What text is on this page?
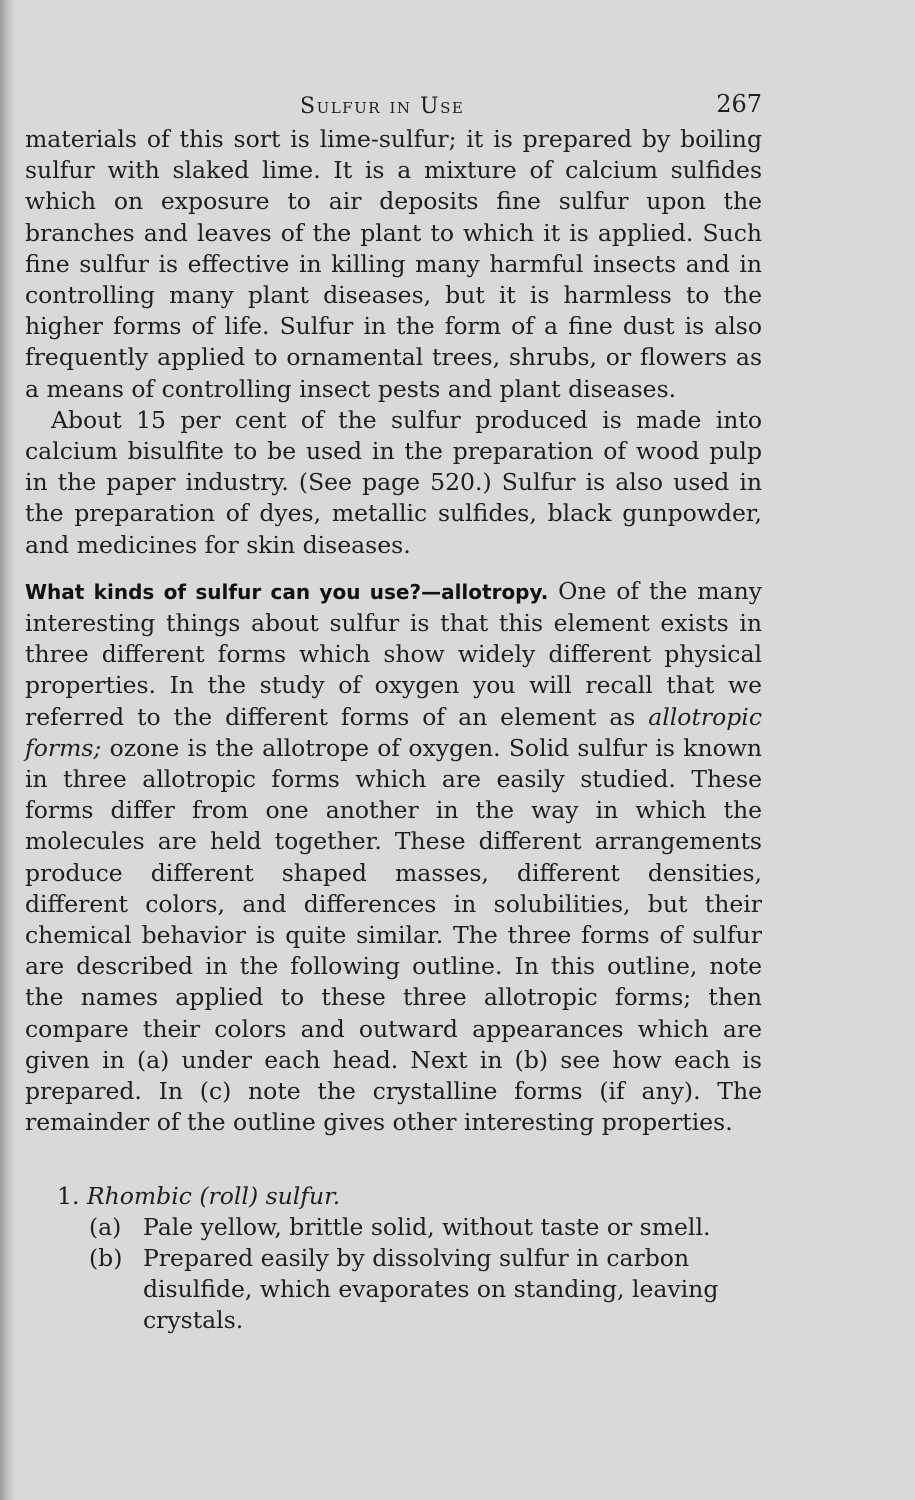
Sulfur in Use	267

materials of this sort is lime-sulfur; it is prepared by boiling sulfur with slaked lime. It is a mixture of calcium sulfides which on exposure to air deposits fine sulfur upon the branches and leaves of the plant to which it is applied. Such fine sulfur is effective in killing many harmful insects and in controlling many plant diseases, but it is harmless to the higher forms of life. Sulfur in the form of a fine dust is also frequently applied to ornamental trees, shrubs, or flowers as a means of controlling insect pests and plant diseases.

About 15 per cent of the sulfur produced is made into calcium bisulfite to be used in the preparation of wood pulp in the paper industry. (See page 520.) Sulfur is also used in the preparation of dyes, metallic sulfides, black gunpowder, and medicines for skin diseases.

What kinds of sulfur can you use?—allotropy. One of the many interesting things about sulfur is that this element exists in three different forms which show widely different physical properties. In the study of oxygen you will recall that we referred to the different forms of an element as allotropic forms; ozone is the allotrope of oxygen. Solid sulfur is known in three allotropic forms which are easily studied. These forms differ from one another in the way in which the molecules are held together. These different arrangements produce different shaped masses, different densities, different colors, and differences in solubilities, but their chemical behavior is quite similar. The three forms of sulfur are described in the following outline. In this outline, note the names applied to these three allotropic forms; then compare their colors and outward appearances which are given in (a) under each head. Next in (b) see how each is prepared. In (c) note the crystalline forms (if any). The remainder of the outline gives other interesting properties.

1. Rhombic (roll) sulfur.
(a) Pale yellow, brittle solid, without taste or smell.
(b) Prepared easily by dissolving sulfur in carbon disulfide, which evaporates on standing, leaving crystals.
